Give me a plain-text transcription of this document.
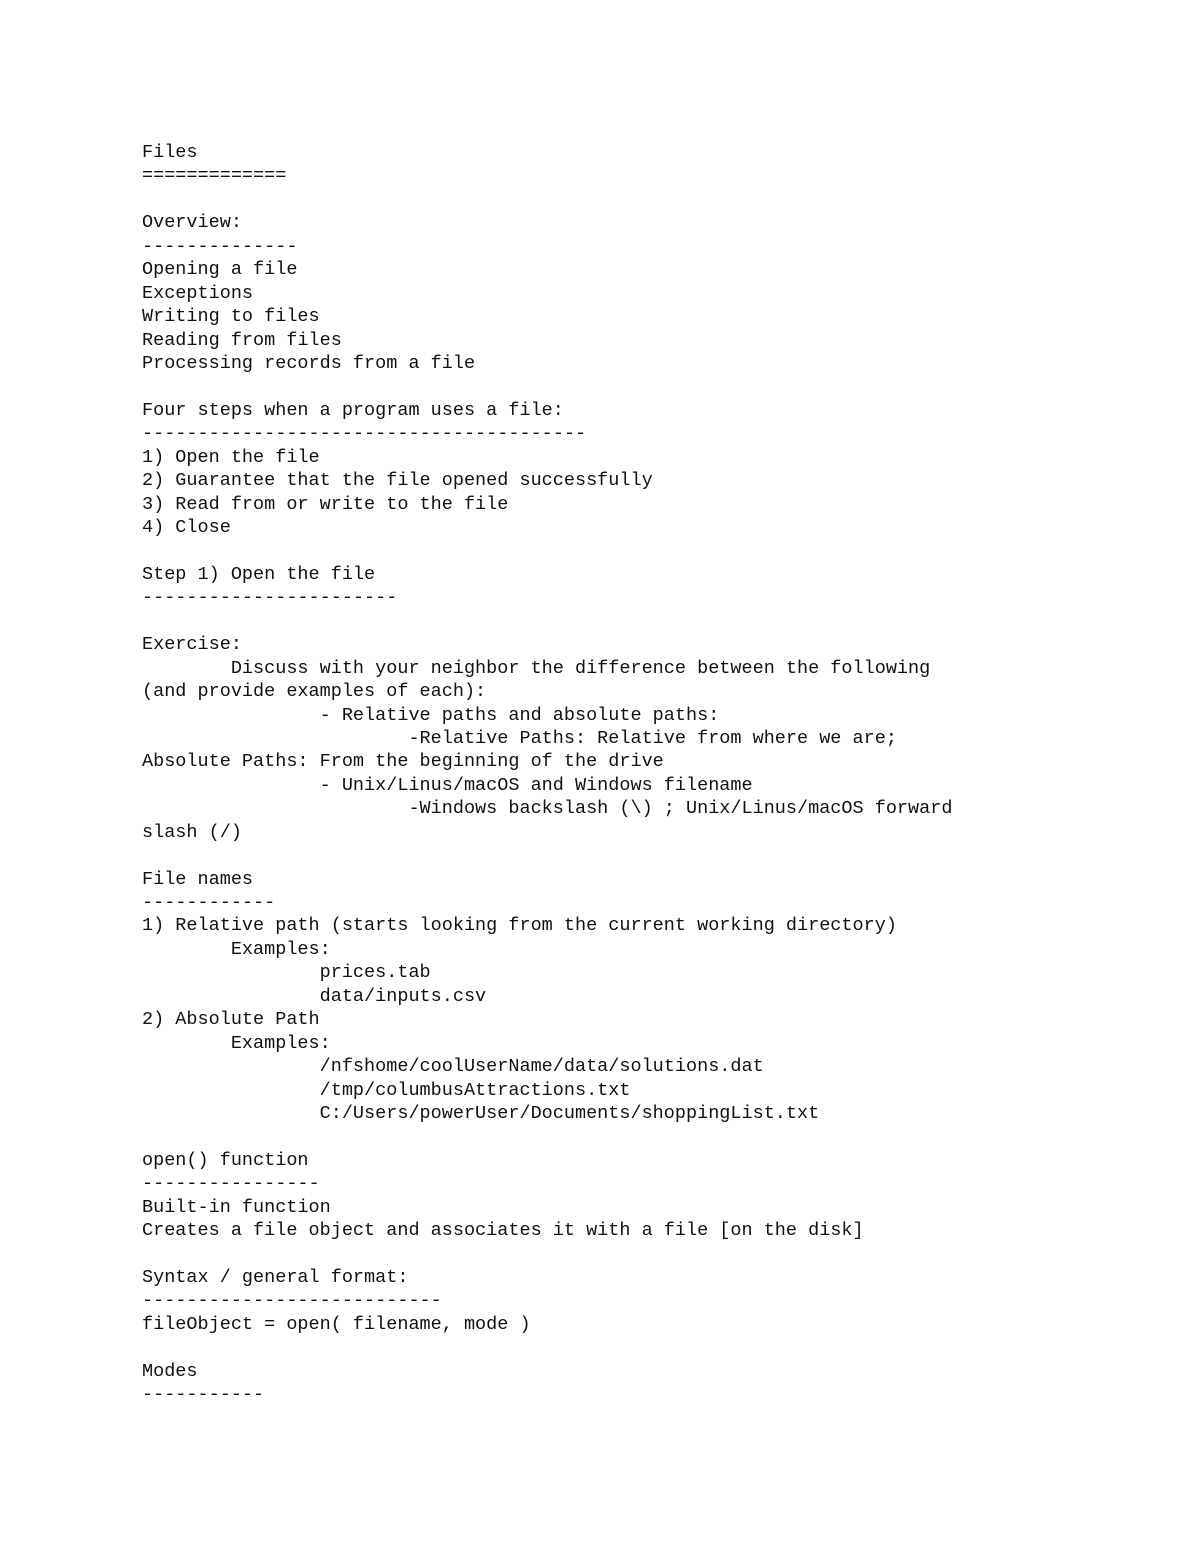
Files
=============
Overview:
--------------
Opening a file
Exceptions
Writing to files
Reading from files
Processing records from a file
Four steps when a program uses a file:
----------------------------------------
1) Open the file
2) Guarantee that the file opened successfully
3) Read from or write to the file
4) Close
Step 1) Open the file
-----------------------
Exercise:
Discuss with your neighbor the difference between the following
(and provide examples of each):
- Relative paths and absolute paths:
-Relative Paths: Relative from where we are;
Absolute Paths: From the beginning of the drive
- Unix/Linus/macOS and Windows filename
-Windows backslash (\) ; Unix/Linus/macOS forward
slash (/)
File names
------------
1) Relative path (starts looking from the current working directory)
Examples:
prices.tab
data/inputs.csv
2) Absolute Path
Examples:
/nfshome/coolUserName/data/solutions.dat
/tmp/columbusAttractions.txt
C:/Users/powerUser/Documents/shoppingList.txt
open() function
----------------
Built-in function
Creates a file object and associates it with a file [on the disk]
Syntax / general format:
---------------------------
fileObject = open( filename, mode )
Modes
-----------
